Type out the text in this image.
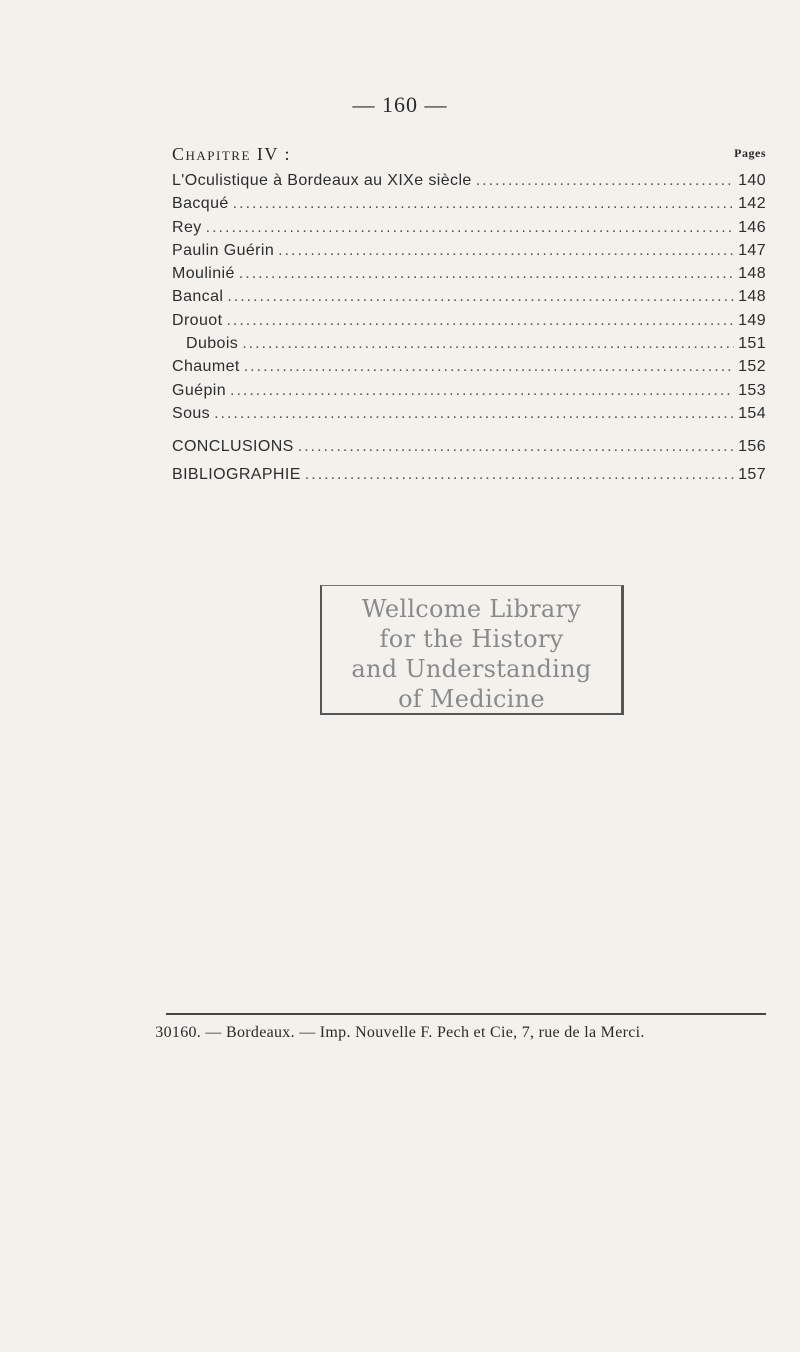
— 160 —
Chapitre IV :	Pages
L'Oculistique à Bordeaux au XIXe siècle .....	140
Bacqué .....	142
Rey .....	146
Paulin Guérin .....	147
Moulinié .....	148
Bancal .....	148
Drouot .....	149
Dubois .....	151
Chaumet .....	152
Guépin .....	153
Sous .....	154
CONCLUSIONS .....	156
BIBLIOGRAPHIE .....	157
Wellcome Library
for the History
and Understanding
of Medicine
30160. — Bordeaux. — Imp. Nouvelle F. Pech et Cie, 7, rue de la Merci.
